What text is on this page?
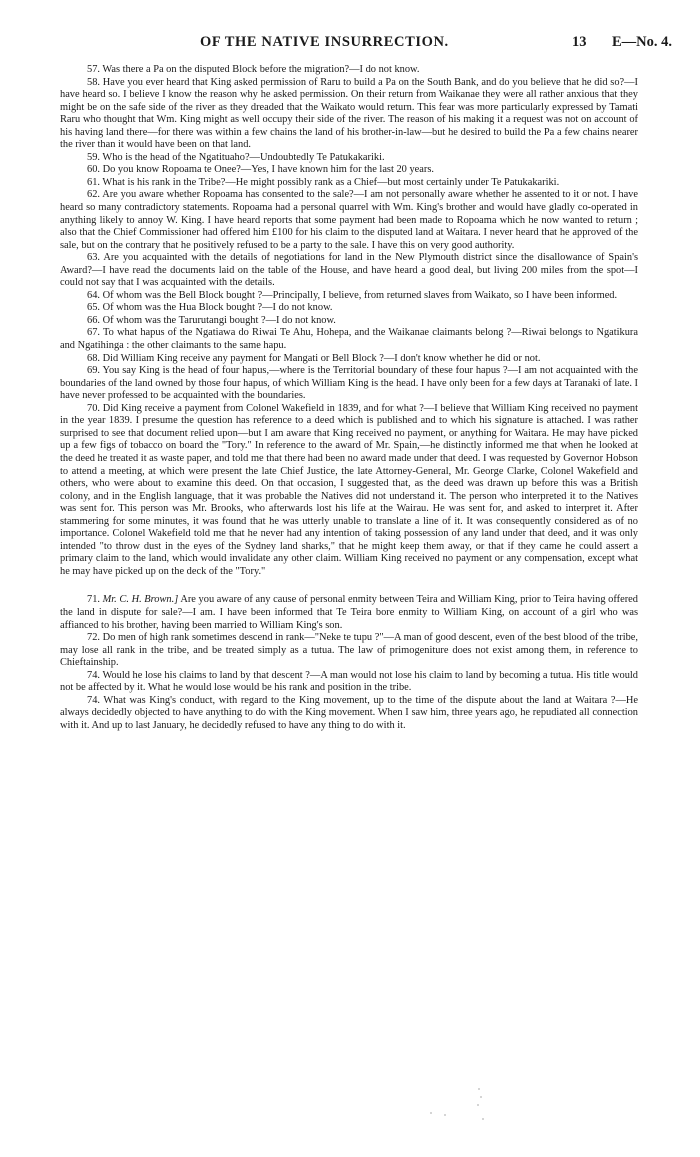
OF THE NATIVE INSURRECTION.	13 E—No. 4.

57. Was there a Pa on the disputed Block before the migration?—I do not know.

58. Have you ever heard that King asked permission of Raru to build a Pa on the South Bank, and do you believe that he did so?—I have heard so. I believe I know the reason why he asked permission. On their return from Waikanae they were all rather anxious that they might be on the safe side of the river as they dreaded that the Waikato would return. This fear was more particularly expressed by Tamati Raru who thought that Wm. King might as well occupy their side of the river. The reason of his making it a request was not on account of his having land there—for there was within a few chains the land of his brother-in-law—but he desired to build the Pa a few chains nearer the river than it would have been on that land.

59. Who is the head of the Ngatituaho?—Undoubtedly Te Patukakariki.

60. Do you know Ropoama te Onee?—Yes, I have known him for the last 20 years.

61. What is his rank in the Tribe?—He might possibly rank as a Chief—but most certainly under Te Patukakariki.

62. Are you aware whether Ropoama has consented to the sale?—I am not personally aware whether he assented to it or not. I have heard so many contradictory statements. Ropoama had a personal quarrel with Wm. King's brother and would have gladly co-operated in anything likely to annoy W. King. I have heard reports that some payment had been made to Ropoama which he now wanted to return ; also that the Chief Commissioner had offered him £100 for his claim to the disputed land at Waitara. I never heard that he approved of the sale, but on the contrary that he positively refused to be a party to the sale. I have this on very good authority.

63. Are you acquainted with the details of negotiations for land in the New Plymouth district since the disallowance of Spain's Award?—I have read the documents laid on the table of the House, and have heard a good deal, but living 200 miles from the spot—I could not say that I was acquainted with the details.

64. Of whom was the Bell Block bought ?—Principally, I believe, from returned slaves from Waikato, so I have been informed.

65. Of whom was the Hua Block bought ?—I do not know.

66. Of whom was the Tarurutangi bought ?—I do not know.

67. To what hapus of the Ngatiawa do Riwai Te Ahu, Hohepa, and the Waikanae claimants belong ?—Riwai belongs to Ngatikura and Ngatihinga : the other claimants to the same hapu.

68. Did William King receive any payment for Mangati or Bell Block ?—I don't know whether he did or not.

69. You say King is the head of four hapus,—where is the Territorial boundary of these four hapus ?—I am not acquainted with the boundaries of the land owned by those four hapus, of which William King is the head. I have only been for a few days at Taranaki of late. I have never professed to be acquainted with the boundaries.

70. Did King receive a payment from Colonel Wakefield in 1839, and for what ?—I believe that William King received no payment in the year 1839. I presume the question has reference to a deed which is published and to which his signature is attached. I was rather surprised to see that document relied upon—but I am aware that King received no payment, or anything for Waitara. He may have picked up a few figs of tobacco on board the "Tory." In reference to the award of Mr. Spain,—he distinctly informed me that when he looked at the deed he treated it as waste paper, and told me that there had been no award made under that deed. I was requested by Governor Hobson to attend a meeting, at which were present the late Chief Justice, the late Attorney-General, Mr. George Clarke, Colonel Wakefield and others, who were about to examine this deed. On that occasion, I suggested that, as the deed was drawn up before this was a British colony, and in the English language, that it was probable the Natives did not understand it. The person who interpreted it to the Natives was sent for. This person was Mr. Brooks, who afterwards lost his life at the Wairau. He was sent for, and asked to interpret it. After stammering for some minutes, it was found that he was utterly unable to translate a line of it. It was consequently considered as of no importance. Colonel Wakefield told me that he never had any intention of taking possession of any land under that deed, and it was only intended "to throw dust in the eyes of the Sydney land sharks," that he might keep them away, or that if they came he could assert a primary claim to the land, which would invalidate any other claim. William King received no payment or any compensation, except what he may have picked up on the deck of the "Tory."

71. Mr. C. H. Brown.] Are you aware of any cause of personal enmity between Teira and William King, prior to Teira having offered the land in dispute for sale?—I am. I have been informed that Te Teira bore enmity to William King, on account of a girl who was affianced to his brother, having been married to William King's son.

72. Do men of high rank sometimes descend in rank—"Neke te tupu ?"—A man of good descent, even of the best blood of the tribe, may lose all rank in the tribe, and be treated simply as a tutua. The law of primogeniture does not exist among them, in reference to Chieftainship.

74. Would he lose his claims to land by that descent ?—A man would not lose his claim to land by becoming a tutua. His title would not be affected by it. What he would lose would be his rank and position in the tribe.

74. What was King's conduct, with regard to the King movement, up to the time of the dispute about the land at Waitara ?—He always decidedly objected to have anything to do with the King movement. When I saw him, three years ago, he repudiated all connection with it. And up to last January, he decidedly refused to have any thing to do with it.
